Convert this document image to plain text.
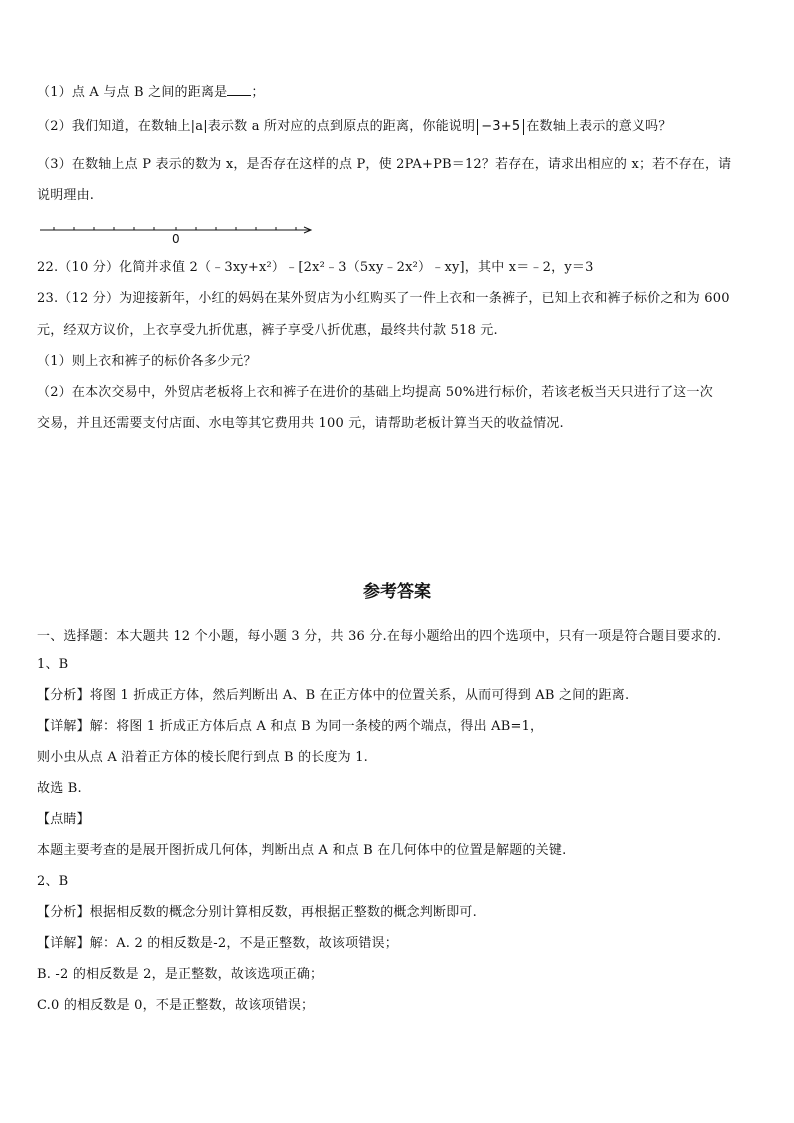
（1）点 A 与点 B 之间的距离是 ；
（2）我们知道，在数轴上|a|表示数 a 所对应的点到原点的距离，你能说明 −3+5 在数轴上表示的意义吗？
（3）在数轴上点 P 表示的数为 x，是否存在这样的点 P，使 2PA+PB＝12？若存在，请求出相应的 x；若不存在，请
说明理由.
0
22.（10 分）化简并求值 2（﹣3xy+x²）﹣[2x²﹣3（5xy﹣2x²）﹣xy]，其中 x＝﹣2，y＝3
23.（12 分）为迎接新年，小红的妈妈在某外贸店为小红购买了一件上衣和一条裤子，已知上衣和裤子标价之和为 600
元，经双方议价，上衣享受九折优惠，裤子享受八折优惠，最终共付款 518 元.
（1）则上衣和裤子的标价各多少元？
（2）在本次交易中，外贸店老板将上衣和裤子在进价的基础上均提高 50%进行标价，若该老板当天只进行了这一次
交易，并且还需要支付店面、水电等其它费用共 100 元，请帮助老板计算当天的收益情况.
参考答案
一、选择题：本大题共 12 个小题，每小题 3 分，共 36 分.在每小题给出的四个选项中，只有一项是符合题目要求的.
1、B
【分析】将图 1 折成正方体，然后判断出 A、B 在正方体中的位置关系，从而可得到 AB 之间的距离.
【详解】解：将图 1 折成正方体后点 A 和点 B 为同一条棱的两个端点，得出 AB=1，
则小虫从点 A 沿着正方体的棱长爬行到点 B 的长度为 1.
故选 B.
【点睛】
本题主要考查的是展开图折成几何体，判断出点 A 和点 B 在几何体中的位置是解题的关键.
2、B
【分析】根据相反数的概念分别计算相反数，再根据正整数的概念判断即可.
【详解】解：A. 2 的相反数是-2，不是正整数，故该项错误；
B. -2 的相反数是 2，是正整数，故该选项正确；
C.0 的相反数是 0，不是正整数，故该项错误；
